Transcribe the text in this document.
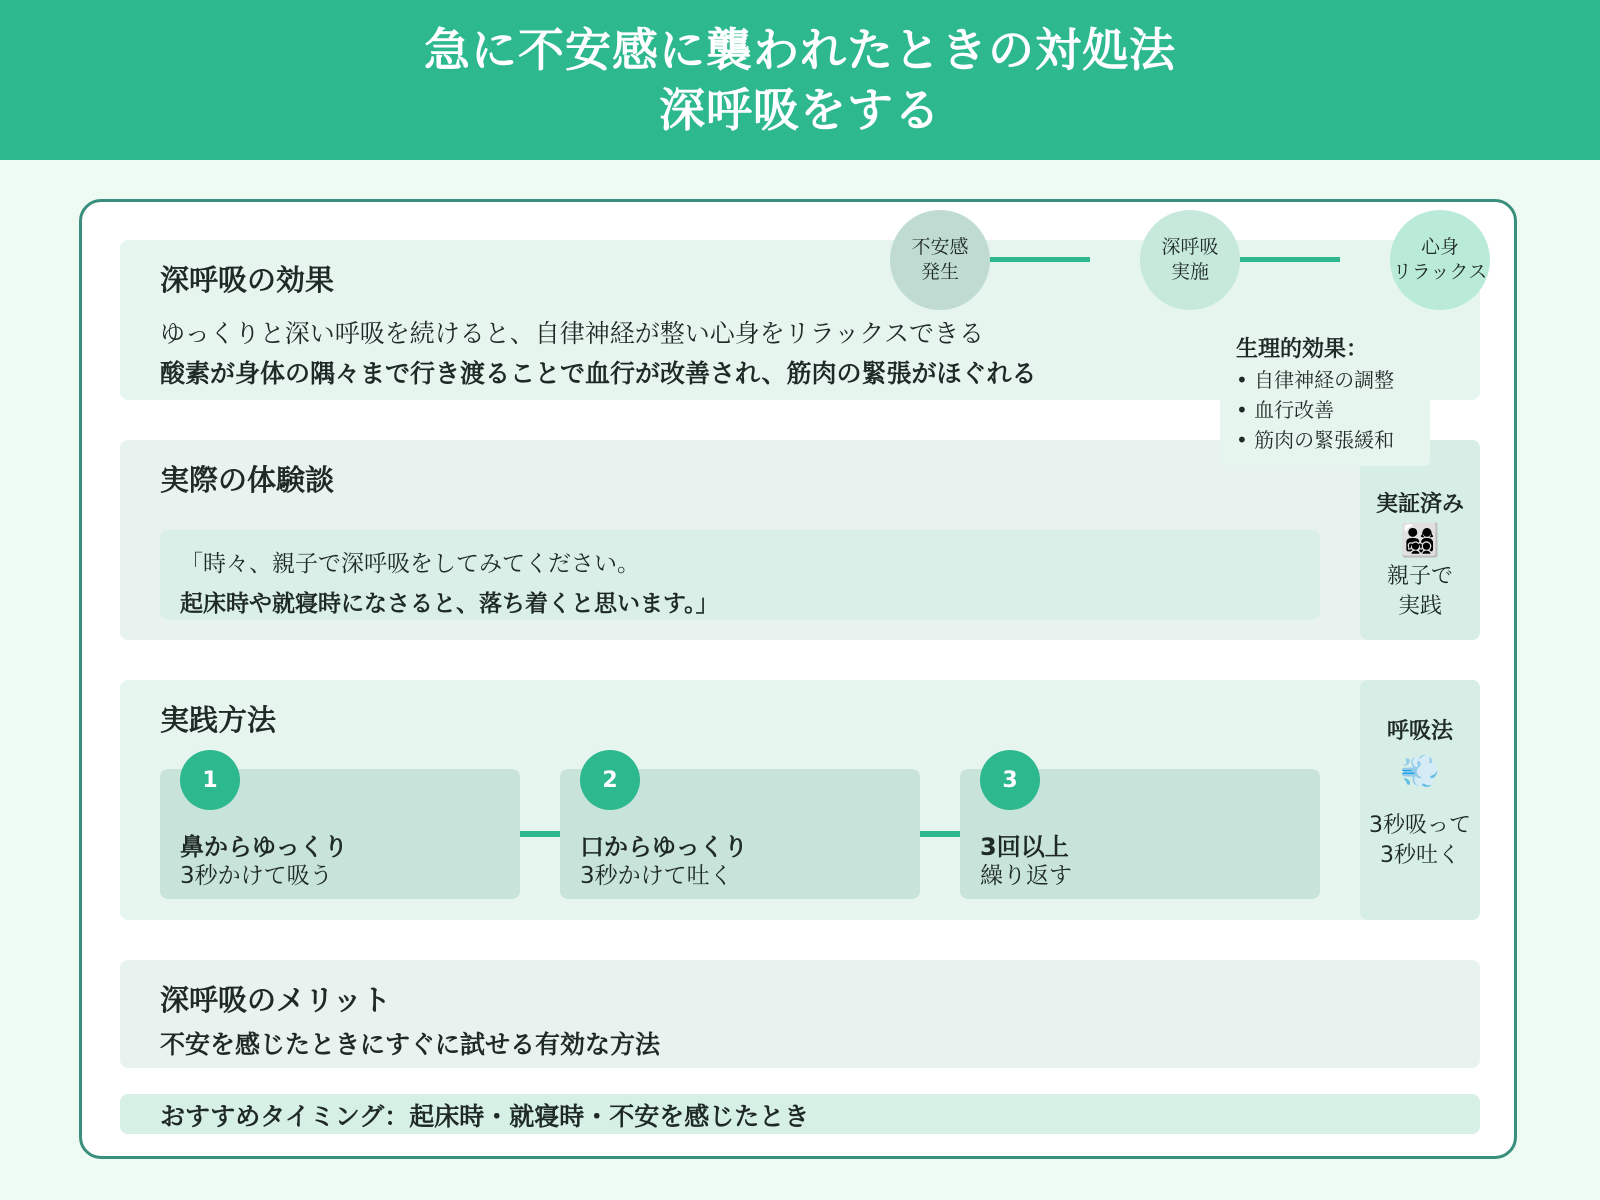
急に不安感に襲われたときの対処法
深呼吸をする
深呼吸の効果
ゆっくりと深い呼吸を続けると、自律神経が整い心身をリラックスできる
酸素が身体の隅々まで行き渡ることで血行が改善され、筋肉の緊張がほぐれる
不安感
発生
深呼吸
実施
心身
リラックス
実際の体験談
「時々、親子で深呼吸をしてみてください。
起床時や就寝時になさると、落ち着くと思います。」
実証済み
👨‍👩‍👧‍👦
親子で
実践
生理的効果：
• 自律神経の調整
• 血行改善
• 筋肉の緊張緩和
実践方法
1
鼻からゆっくり
3秒かけて吸う
2
口からゆっくり
3秒かけて吐く
3
3回以上
繰り返す
呼吸法
💨
3秒吸って
3秒吐く
深呼吸のメリット
不安を感じたときにすぐに試せる有効な方法
おすすめタイミング：起床時・就寝時・不安を感じたとき
